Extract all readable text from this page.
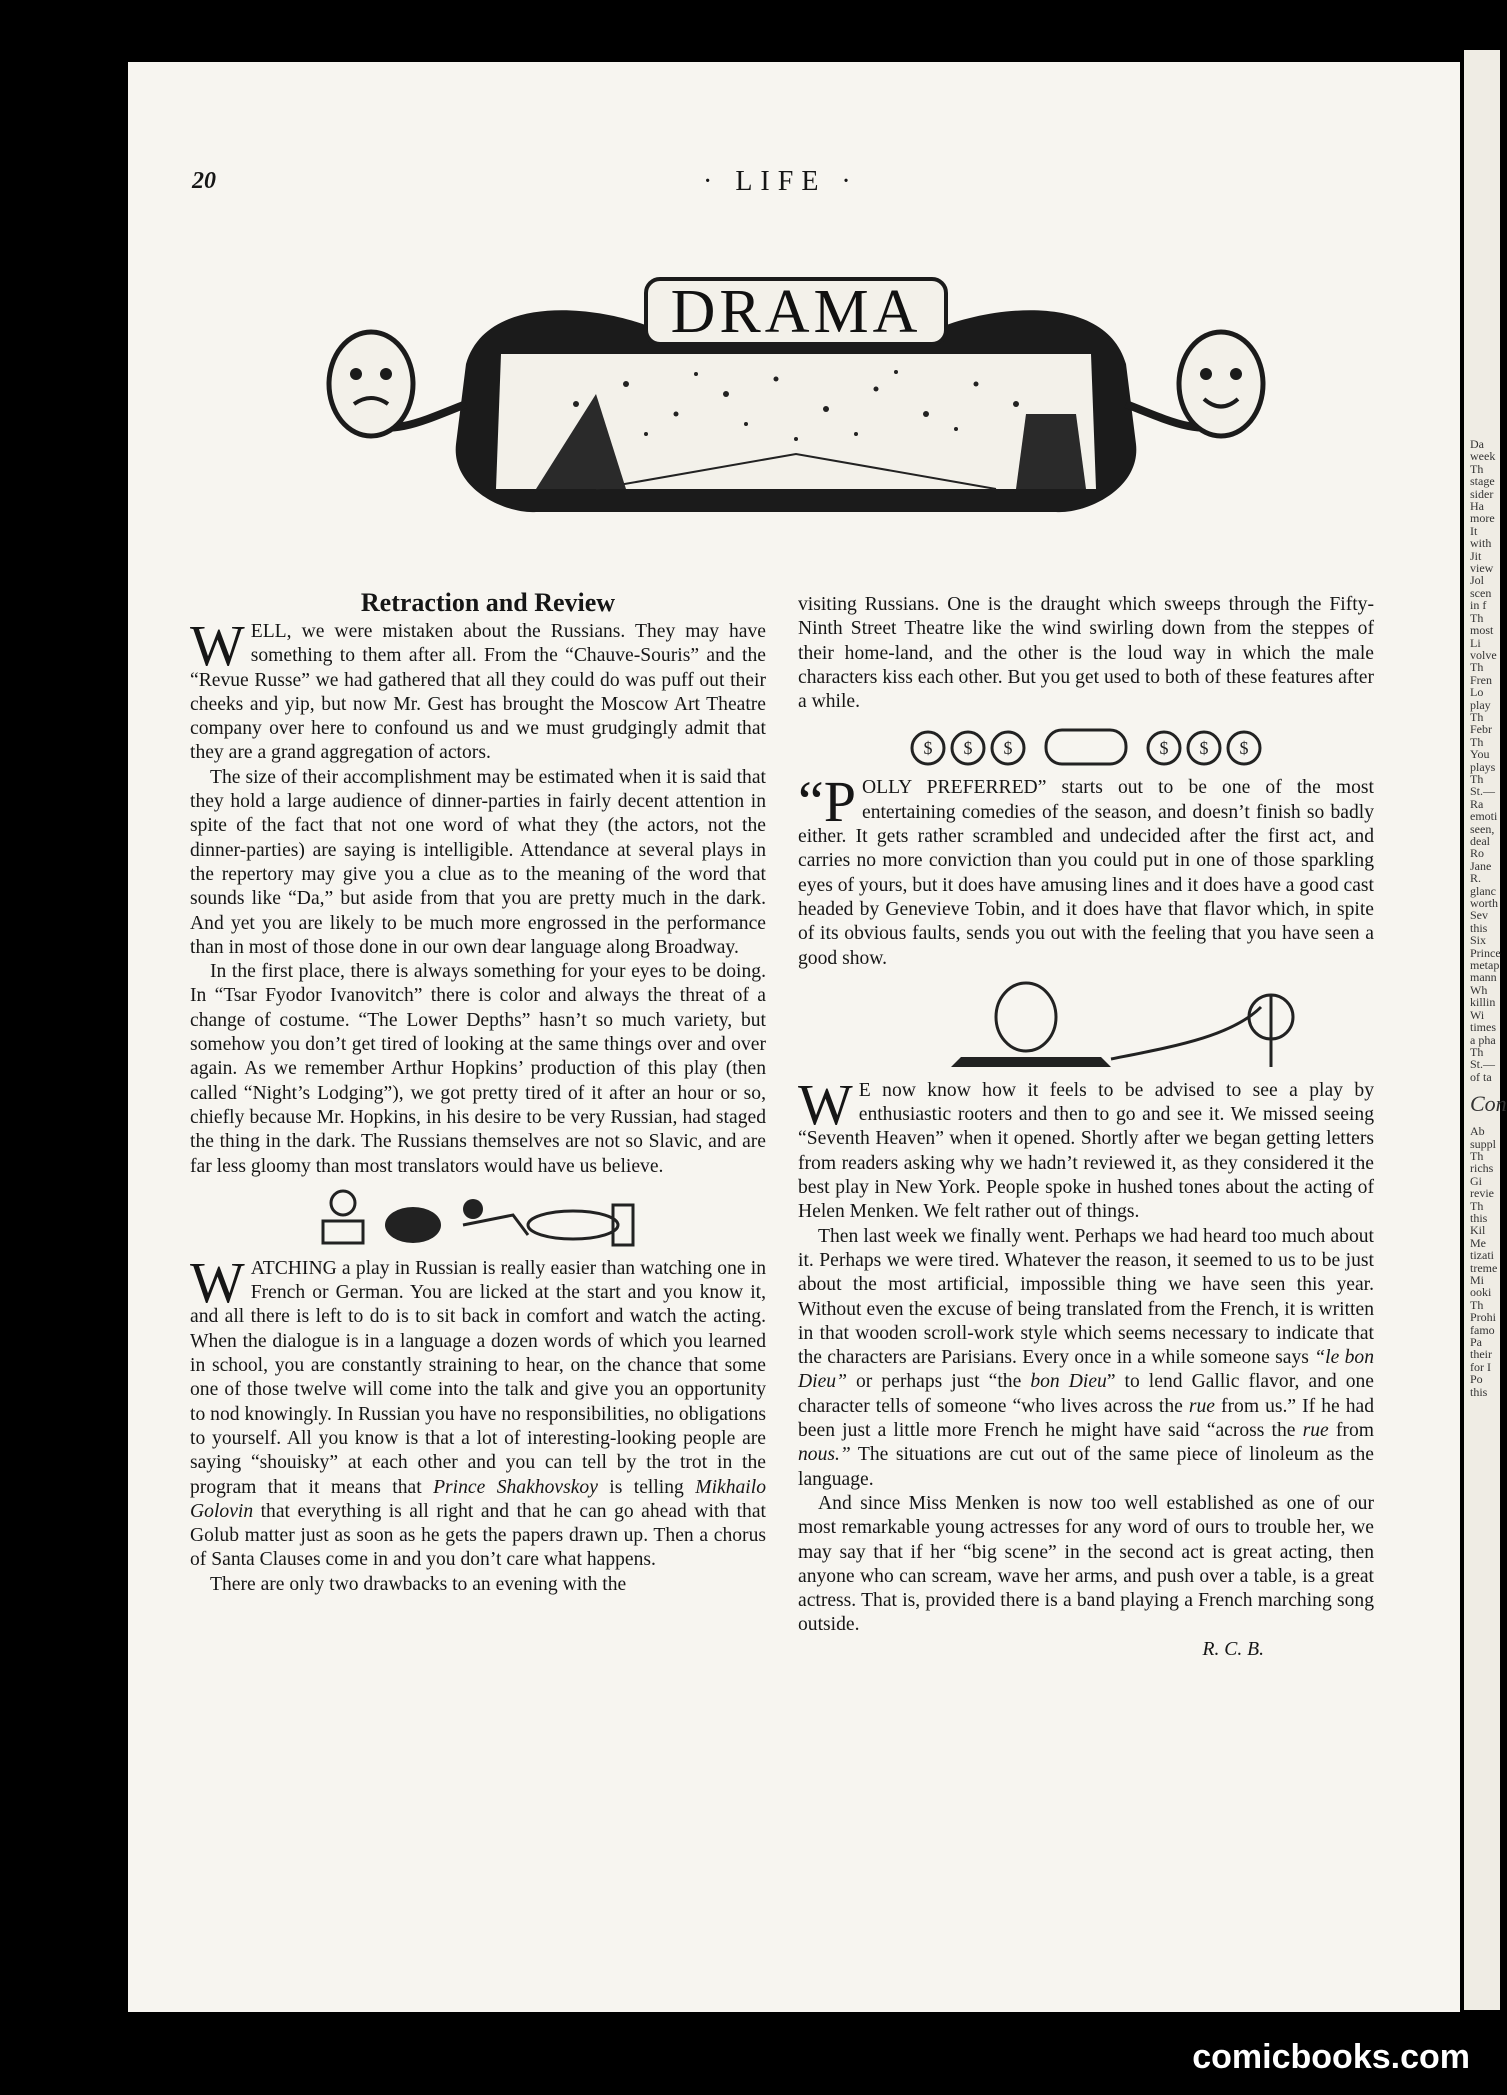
20	· LIFE ·
DRAMA

Retraction and Review

WELL, we were mistaken about the Russians. They may have something to them after all. From the “Chauve-Souris” and the “Revue Russe” we had gathered that all they could do was puff out their cheeks and yip, but now Mr. Gest has brought the Moscow Art Theatre company over here to confound us and we must grudgingly admit that they are a grand aggregation of actors.

The size of their accomplishment may be estimated when it is said that they hold a large audience of dinner-parties in fairly decent attention in spite of the fact that not one word of what they (the actors, not the dinner-parties) are saying is intelligible. Attendance at several plays in the repertory may give you a clue as to the meaning of the word that sounds like “Da,” but aside from that you are pretty much in the dark. And yet you are likely to be much more engrossed in the performance than in most of those done in our own dear language along Broadway.

In the first place, there is always something for your eyes to be doing. In “Tsar Fyodor Ivanovitch” there is color and always the threat of a change of costume. “The Lower Depths” hasn’t so much variety, but somehow you don’t get tired of looking at the same things over and over again. As we remember Arthur Hopkins’ production of this play (then called “Night’s Lodging”), we got pretty tired of it after an hour or so, chiefly because Mr. Hopkins, in his desire to be very Russian, had staged the thing in the dark. The Russians themselves are not so Slavic, and are far less gloomy than most translators would have us believe.

WATCHING a play in Russian is really easier than watching one in French or German. You are licked at the start and you know it, and all there is left to do is to sit back in comfort and watch the acting. When the dialogue is in a language a dozen words of which you learned in school, you are constantly straining to hear, on the chance that some one of those twelve will come into the talk and give you an opportunity to nod knowingly. In Russian you have no responsibilities, no obligations to yourself. All you know is that a lot of interesting-looking people are saying “shouisky” at each other and you can tell by the trot in the program that it means that Prince Shakhovskoy is telling Mikhailo Golovin that everything is all right and that he can go ahead with that Golub matter just as soon as he gets the papers drawn up. Then a chorus of Santa Clauses come in and you don’t care what happens.

There are only two drawbacks to an evening with the

visiting Russians. One is the draught which sweeps through the Fifty-Ninth Street Theatre like the wind swirling down from the steppes of their home-land, and the other is the loud way in which the male characters kiss each other. But you get used to both of these features after a while.

$ $ $	$ $ $

“POLLY PREFERRED” starts out to be one of the most entertaining comedies of the season, and doesn’t finish so badly either. It gets rather scrambled and undecided after the first act, and carries no more conviction than you could put in one of those sparkling eyes of yours, but it does have amusing lines and it does have a good cast headed by Genevieve Tobin, and it does have that flavor which, in spite of its obvious faults, sends you out with the feeling that you have seen a good show.

W E now know how it feels to be advised to see a play by enthusiastic rooters and then to go and see it. We missed seeing “Seventh Heaven” when it opened. Shortly after we began getting letters from readers asking why we hadn’t reviewed it, as they considered it the best play in New York. People spoke in hushed tones about the acting of Helen Menken. We felt rather out of things.

Then last week we finally went. Perhaps we had heard too much about it. Perhaps we were tired. Whatever the reason, it seemed to us to be just about the most artificial, impossible thing we have seen this year. Without even the excuse of being translated from the French, it is written in that wooden scroll-work style which seems necessary to indicate that the characters are Parisians. Every once in a while someone says “le bon Dieu” or perhaps just “the bon Dieu” to lend Gallic flavor, and one character tells of someone “who lives across the rue from us.” If he had been just a little more French he might have said “across the rue from nous.” The situations are cut out of the same piece of linoleum as the language.

And since Miss Menken is now too well established as one of our most remarkable young actresses for any word of ours to trouble her, we may say that if her “big scene” in the second act is great acting, then anyone who can scream, wave her arms, and push over a table, is a great actress. That is, provided there is a band playing a French marching song outside.

R. C. B.

Da
week
Th
stage
sider
Ha
more
It
with
Jit
view
Jol
scen
in f
Th
most
Li
volve
Th
Fren
Lo
play
Th
Febr
Th
You
plays
Th
St.—
Ra
emoti
seen,
deal
Ro
Jane
R.
glanc
worth
Sev
this
Six
Prince
metap
mann
Wh
killin
Wi
times
a pha
Th
St.—
of ta
Con
Ab
suppl
Th
richs
Gi
revie
Th
this
Kil
Me
tizati
treme
Mi
ooki
Th
Prohi
famo
Pa
their
for I
Po
this
comicbooks.com
